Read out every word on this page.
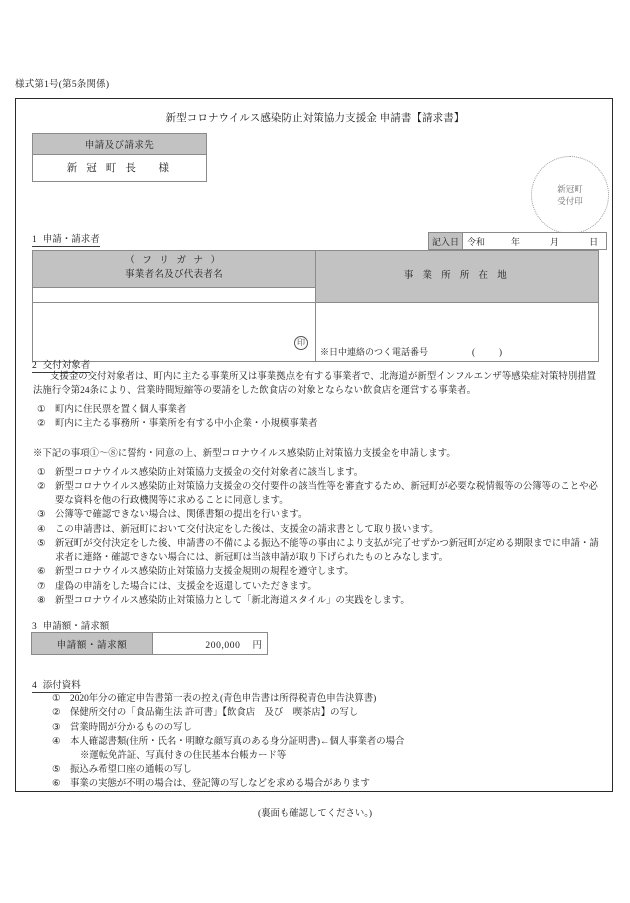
様式第1号(第5条関係)
新型コロナウイルス感染防止対策協力支援金 申請書【請求書】
申請及び請求先
新 冠 町 長 　様
新冠町
受付印
1 申請・請求者	記入日 令和	年	月	日
（ フ リ ガ ナ ）
事業者名及び代表者名	事 業 所 所 在 地

印	※日中連絡のつく電話番号 ()
2 交付対象者
支援金の交付対象者は、町内に主たる事業所又は事業拠点を有する事業者で、北海道が新型インフルエンザ等感染症対策特別措置法施行令第24条により、営業時間短縮等の要請をした飲食店の対象とならない飲食店を運営する事業者。
①	町内に住民票を置く個人事業者
②	町内に主たる事務所・事業所を有する中小企業・小規模事業者
※下記の事項①〜⑧に誓約・同意の上、新型コロナウイルス感染防止対策協力支援金を申請します。
①	新型コロナウイルス感染防止対策協力支援金の交付対象者に該当します。
②	新型コロナウイルス感染防止対策協力支援金の交付要件の該当性等を審査するため、新冠町が必要な税情報等の公簿等のことや必要な資料を他の行政機関等に求めることに同意します。
③	公簿等で確認できない場合は、関係書類の提出を行います。
④	この申請書は、新冠町において交付決定をした後は、支援金の請求書として取り扱います。
⑤	新冠町が交付決定をした後、申請書の不備による振込不能等の事由により支払が完了せずかつ新冠町が定める期限までに申請・請求者に連絡・確認できない場合には、新冠町は当該申請が取り下げられたものとみなします。
⑥	新型コロナウイルス感染防止対策協力支援金規則の規程を遵守します。
⑦	虚偽の申請をした場合には、支援金を返還していただきます。
⑧	新型コロナウイルス感染防止対策協力として「新北海道スタイル」の実践をします。
3 申請額・請求額
4 添付資料
①	2020年分の確定申告書第一表の控え(青色申告書は所得税青色申告決算書)
②	保健所交付の「食品衛生法 許可書」【飲食店　及び　喫茶店】の写し
③	営業時間が分かるものの写し
④	本人確認書類(住所・氏名・明瞭な顔写真のある身分証明書)←個人事業者の場合
※運転免許証、写真付きの住民基本台帳カード等
⑤	振込み希望口座の通帳の写し
⑥	事業の実態が不明の場合は、登記簿の写しなどを求める場合があります
申請額・請求額	200,000 円
(裏面も確認してください。)
